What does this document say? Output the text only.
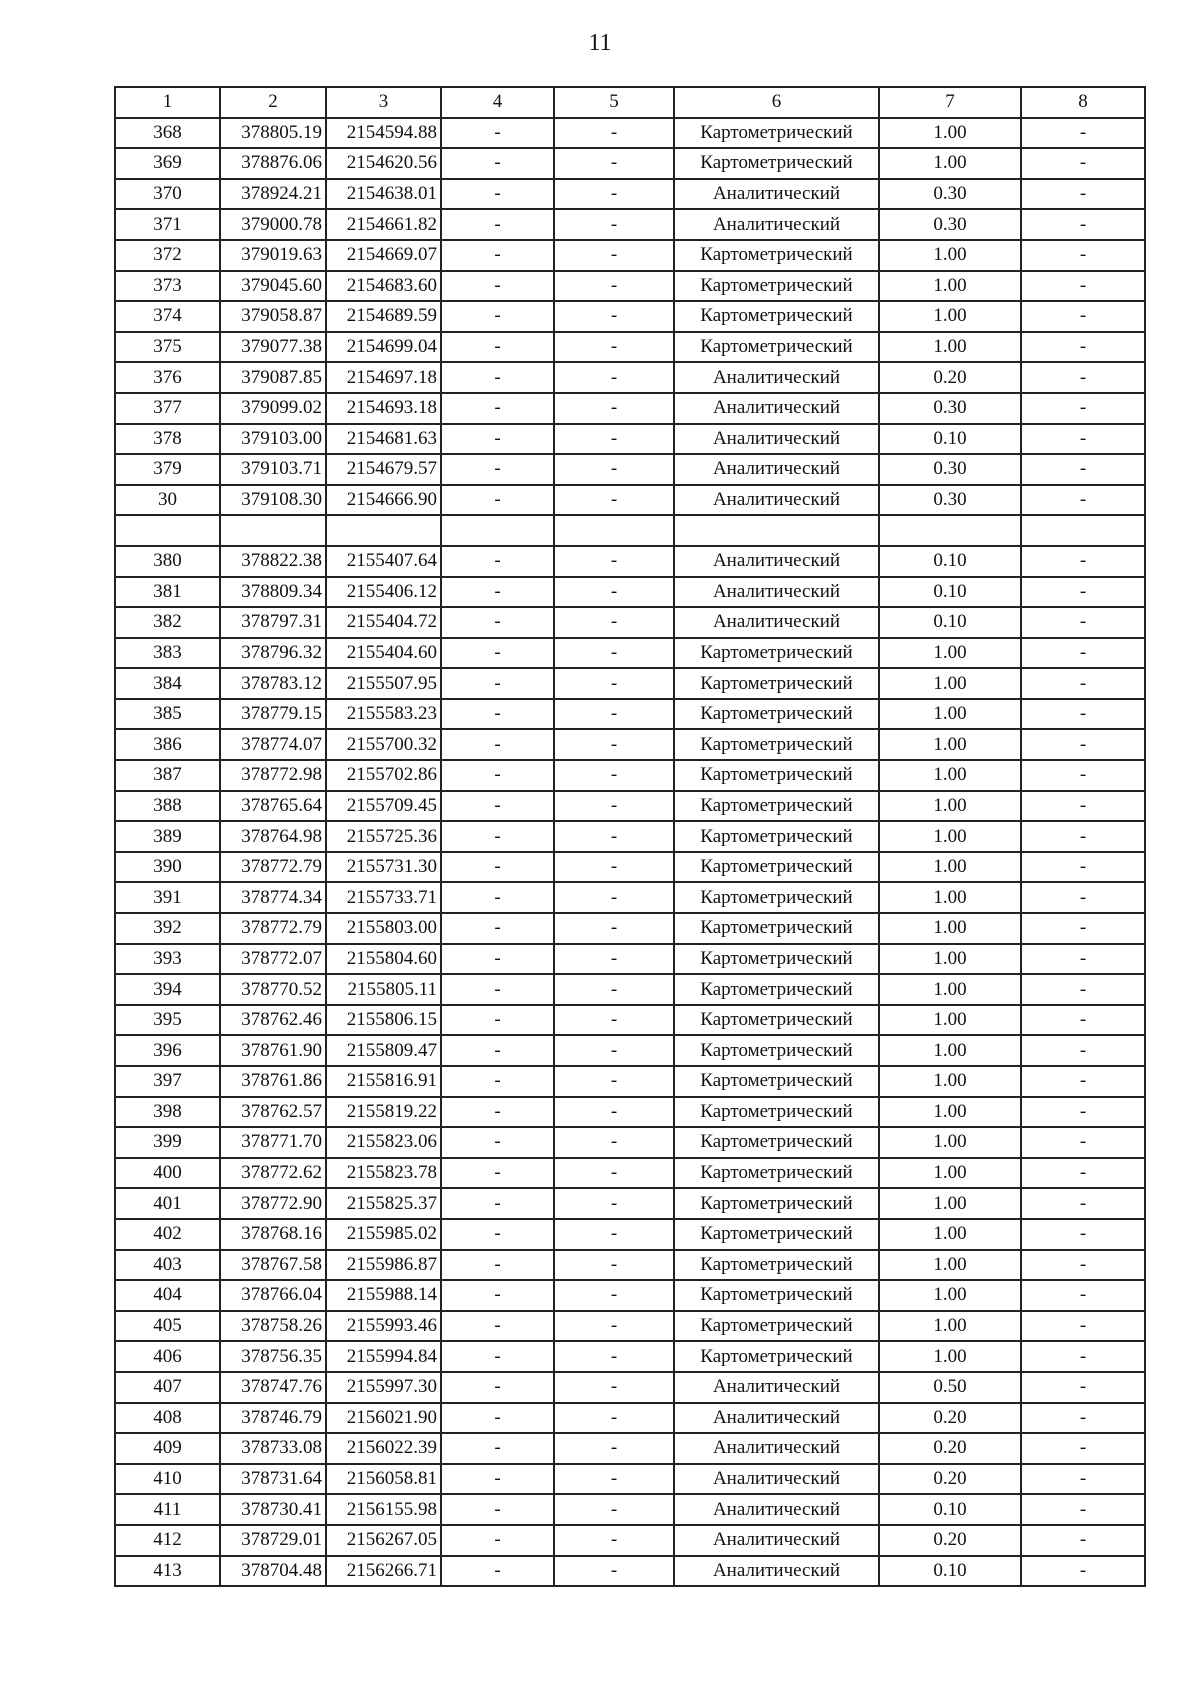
11
1	2	3	4	5	6	7	8
368	378805.19	2154594.88	-	-	Картометрический	1.00	-
369	378876.06	2154620.56	-	-	Картометрический	1.00	-
370	378924.21	2154638.01	-	-	Аналитический	0.30	-
371	379000.78	2154661.82	-	-	Аналитический	0.30	-
372	379019.63	2154669.07	-	-	Картометрический	1.00	-
373	379045.60	2154683.60	-	-	Картометрический	1.00	-
374	379058.87	2154689.59	-	-	Картометрический	1.00	-
375	379077.38	2154699.04	-	-	Картометрический	1.00	-
376	379087.85	2154697.18	-	-	Аналитический	0.20	-
377	379099.02	2154693.18	-	-	Аналитический	0.30	-
378	379103.00	2154681.63	-	-	Аналитический	0.10	-
379	379103.71	2154679.57	-	-	Аналитический	0.30	-
30	379108.30	2154666.90	-	-	Аналитический	0.30	-

380	378822.38	2155407.64	-	-	Аналитический	0.10	-
381	378809.34	2155406.12	-	-	Аналитический	0.10	-
382	378797.31	2155404.72	-	-	Аналитический	0.10	-
383	378796.32	2155404.60	-	-	Картометрический	1.00	-
384	378783.12	2155507.95	-	-	Картометрический	1.00	-
385	378779.15	2155583.23	-	-	Картометрический	1.00	-
386	378774.07	2155700.32	-	-	Картометрический	1.00	-
387	378772.98	2155702.86	-	-	Картометрический	1.00	-
388	378765.64	2155709.45	-	-	Картометрический	1.00	-
389	378764.98	2155725.36	-	-	Картометрический	1.00	-
390	378772.79	2155731.30	-	-	Картометрический	1.00	-
391	378774.34	2155733.71	-	-	Картометрический	1.00	-
392	378772.79	2155803.00	-	-	Картометрический	1.00	-
393	378772.07	2155804.60	-	-	Картометрический	1.00	-
394	378770.52	2155805.11	-	-	Картометрический	1.00	-
395	378762.46	2155806.15	-	-	Картометрический	1.00	-
396	378761.90	2155809.47	-	-	Картометрический	1.00	-
397	378761.86	2155816.91	-	-	Картометрический	1.00	-
398	378762.57	2155819.22	-	-	Картометрический	1.00	-
399	378771.70	2155823.06	-	-	Картометрический	1.00	-
400	378772.62	2155823.78	-	-	Картометрический	1.00	-
401	378772.90	2155825.37	-	-	Картометрический	1.00	-
402	378768.16	2155985.02	-	-	Картометрический	1.00	-
403	378767.58	2155986.87	-	-	Картометрический	1.00	-
404	378766.04	2155988.14	-	-	Картометрический	1.00	-
405	378758.26	2155993.46	-	-	Картометрический	1.00	-
406	378756.35	2155994.84	-	-	Картометрический	1.00	-
407	378747.76	2155997.30	-	-	Аналитический	0.50	-
408	378746.79	2156021.90	-	-	Аналитический	0.20	-
409	378733.08	2156022.39	-	-	Аналитический	0.20	-
410	378731.64	2156058.81	-	-	Аналитический	0.20	-
411	378730.41	2156155.98	-	-	Аналитический	0.10	-
412	378729.01	2156267.05	-	-	Аналитический	0.20	-
413	378704.48	2156266.71	-	-	Аналитический	0.10	-
